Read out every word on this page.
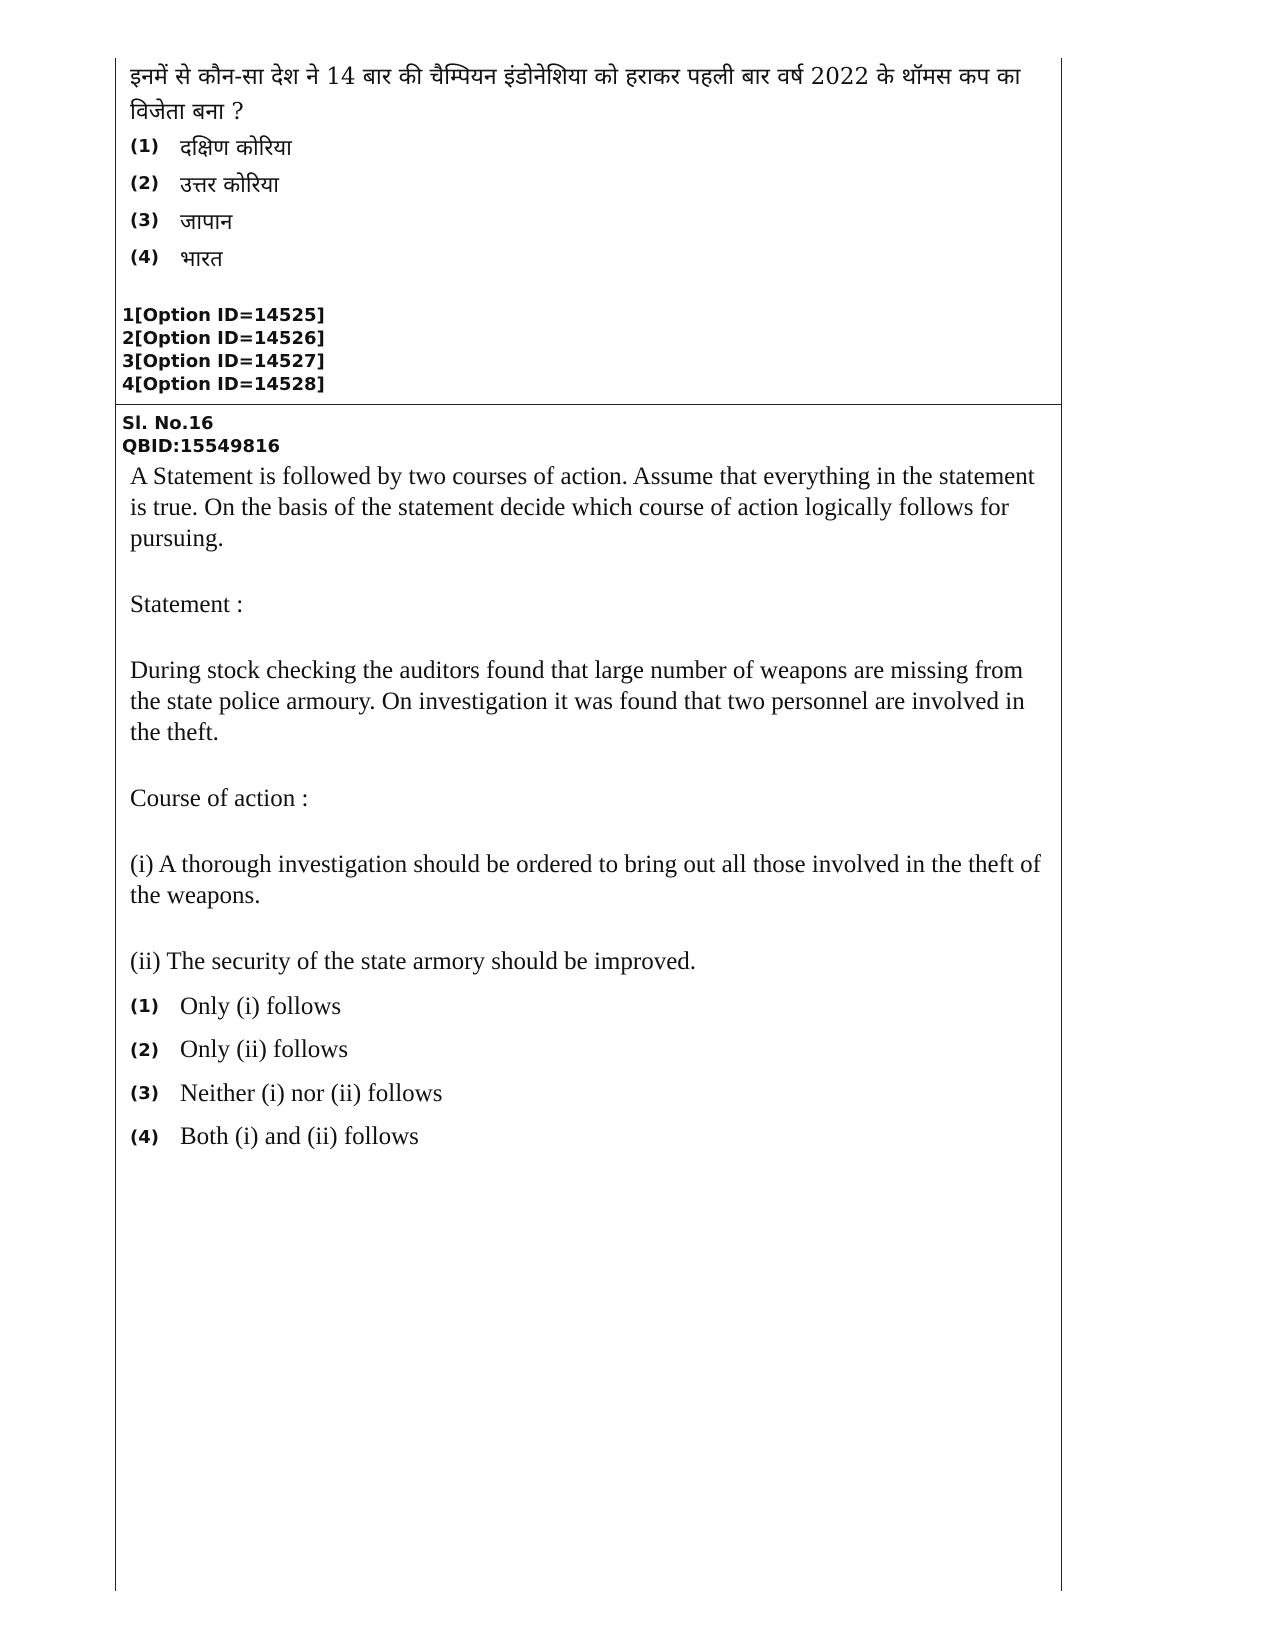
इनमें से कौन-सा देश ने 14 बार की चैम्पियन इंडोनेशिया को हराकर पहली बार वर्ष 2022 के थॉमस कप का विजेता बना ?
(1) दक्षिण कोरिया
(2) उत्तर कोरिया
(3) जापान
(4) भारत
1[Option ID=14525]
2[Option ID=14526]
3[Option ID=14527]
4[Option ID=14528]
Sl. No.16
QBID:15549816

A Statement is followed by two courses of action. Assume that everything in the statement is true. On the basis of the statement decide which course of action logically follows for pursuing.

Statement :

During stock checking the auditors found that large number of weapons are missing from the state police armoury. On investigation it was found that two personnel are involved in the theft.

Course of action :

(i) A thorough investigation should be ordered to bring out all those involved in the theft of the weapons.

(ii) The security of the state armory should be improved.

(1) Only (i) follows
(2) Only (ii) follows
(3) Neither (i) nor (ii) follows
(4) Both (i) and (ii) follows
